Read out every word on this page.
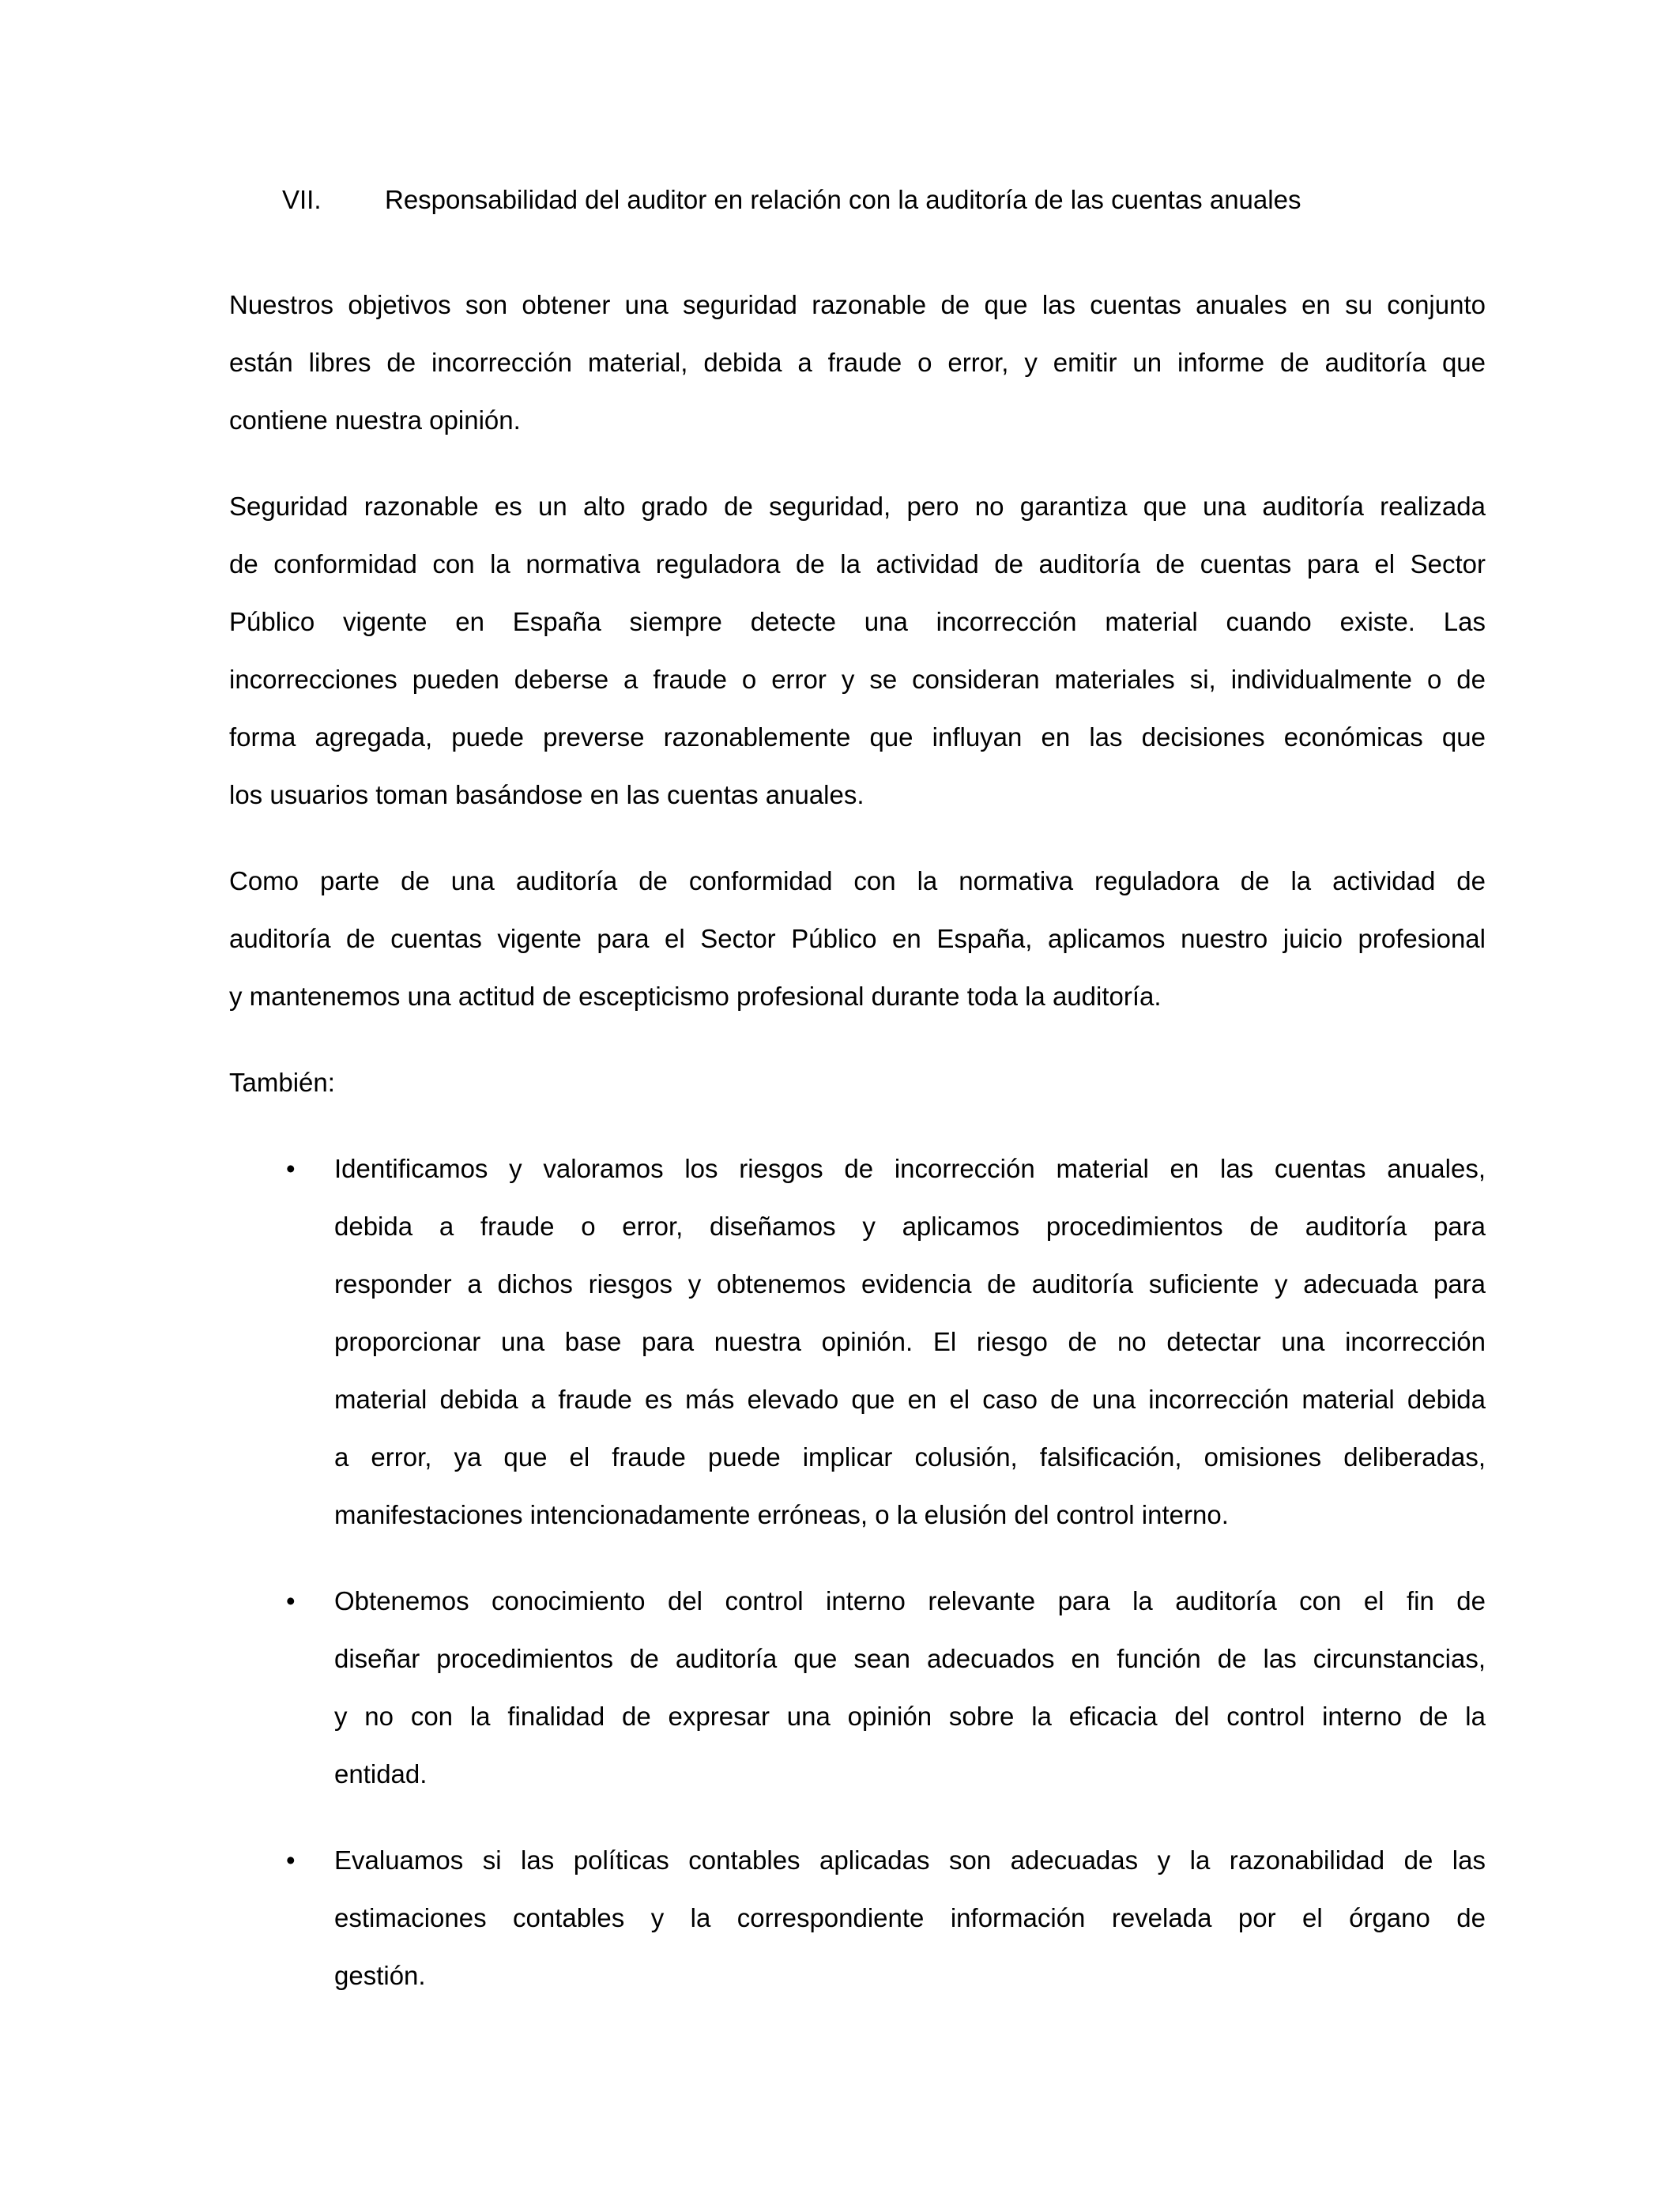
VII. Responsabilidad del auditor en relación con la auditoría de las cuentas anuales
Nuestros objetivos son obtener una seguridad razonable de que las cuentas anuales en su conjunto
están libres de incorrección material, debida a fraude o error, y emitir un informe de auditoría que
contiene nuestra opinión.
Seguridad razonable es un alto grado de seguridad, pero no garantiza que una auditoría realizada
de conformidad con la normativa reguladora de la actividad de auditoría de cuentas para el Sector
Público vigente en España siempre detecte una incorrección material cuando existe. Las
incorrecciones pueden deberse a fraude o error y se consideran materiales si, individualmente o de
forma agregada, puede preverse razonablemente que influyan en las decisiones económicas que
los usuarios toman basándose en las cuentas anuales.
Como parte de una auditoría de conformidad con la normativa reguladora de la actividad de
auditoría de cuentas vigente para el Sector Público en España, aplicamos nuestro juicio profesional
y mantenemos una actitud de escepticismo profesional durante toda la auditoría.
También:
• Identificamos y valoramos los riesgos de incorrección material en las cuentas anuales,
debida a fraude o error, diseñamos y aplicamos procedimientos de auditoría para
responder a dichos riesgos y obtenemos evidencia de auditoría suficiente y adecuada para
proporcionar una base para nuestra opinión. El riesgo de no detectar una incorrección
material debida a fraude es más elevado que en el caso de una incorrección material debida
a error, ya que el fraude puede implicar colusión, falsificación, omisiones deliberadas,
manifestaciones intencionadamente erróneas, o la elusión del control interno.
• Obtenemos conocimiento del control interno relevante para la auditoría con el fin de
diseñar procedimientos de auditoría que sean adecuados en función de las circunstancias,
y no con la finalidad de expresar una opinión sobre la eficacia del control interno de la
entidad.
• Evaluamos si las políticas contables aplicadas son adecuadas y la razonabilidad de las
estimaciones contables y la correspondiente información revelada por el órgano de
gestión.
